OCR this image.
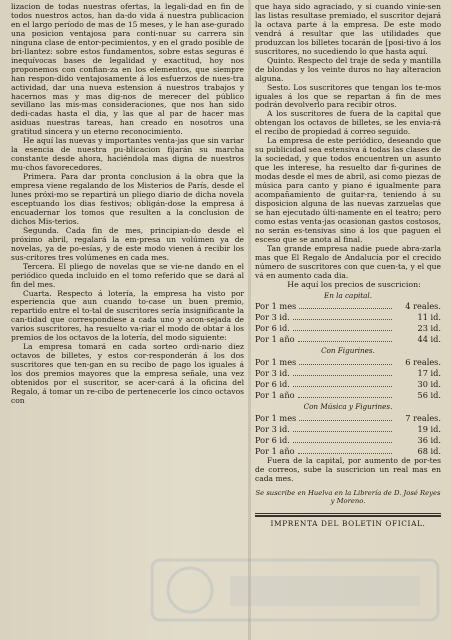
lizacion de todas nuestras ofertas, la legali-dad en fin de todos nuestros actos, han da-do vida á nuestra publicacion en el largo período de mas de 15 meses, y le han ase-gurado una posicion ventajosa para conti-nuar su carrera sin ninguna clase de entor-pecimientos, y en el grado posible de bri-llantez: sobre estos fundamentos, sobre estas seguras é inequívocas bases de legalidad y exactitud, hoy nos proponemos con confian-za en los elementos, que siempre han respon-dido ventajosamente á los esfuerzos de nues-tra actividad, dar una nueva estension á nuestros trabajos y hacernos mas y mas dig-nos de merecer del público sevillano las mis-mas consideraciones, que nos han sido dedi-cadas hasta el dia, y las que al par de hacer mas asiduas nuestras tareas, han creado en nosotros una gratitud sincera y un eterno reconocimiento.

He aquí las nuevas y importantes venta-jas que sin variar la esencia de nuestra pu-blicacion fijarán su marcha constante desde ahora, haciéndola mas digna de nuestros mu-chos favorecedores.

Primera. Para dar pronta conclusion á la obra que la empresa viene regalando de los Misterios de París, desde el lunes próxi-mo se repartirá un pliego diario de dicha novela esceptuando los dias festivos; obligán-dose la empresa á encuadernar los tomos que resulten a la conclusion de dichos Mis-terios.

Segunda. Cada fin de mes, principian-do desde el próximo abril, regalará la em-presa un volúmen ya de novelas, ya de po-esías, y de este modo vienen á recibir los sus-critores tres volúmenes en cada mes.

Tercera. El pliego de novelas que se vie-ne dando en el periódico queda incluido en el tomo referido que se dará al fin del mes.

Cuarta. Respecto á lotería, la empresa ha visto por esperiencia que aun cuando to-case un buen premio, repartido entre el to-tal de suscritores sería insignificante la can-tidad que correspondiese a cada uno y acon-sejada de varios suscritores, ha resuelto va-riar el modo de obtar á los premios de los octavos de la lotería, del modo siguiente:

La empresa tomará en cada sorteo ordi-nario diez octavos de billetes, y estos cor-responderán á los dos suscritores que ten-gan en su recibo de pago los iguales á los dos premios mayores que la empresa señale, una vez obtenidos por el suscritor, se acer-cará á la oficina del Regalo, á tomar un re-cibo de pertenecerle los cinco octavos con

que haya sido agraciado, y si cuando vinie-sen las listas resultase premiado, el suscritor dejará la octava parte á la empresa. De este modo vendrá á resultar que las utilidades que produzcan los billetes tocarán de [posi-tivo á los suscritores, no sucediendo lo que hasta aquí.

Quinto. Respecto del traje de seda y mantilla de blondas y los veinte duros no hay alteracion alguna.

Sesto. Los suscritores que tengan los te-mos iguales á los que se repartan á fin de mes podrán devolverlo para recibir otros.

A los suscritores de fuera de la capital que obtengan los octavos de billetes, se les envia-rá el recibo de propiedad á correo seguido.

La empresa de este periódico, deseando que su publicidad sea estensiva á todas las clases de la sociedad, y que todos encuentren un asunto que les interese, ha resuelto dar fi-gurines de modas desde el mes de abril, asi como piezas de música para canto y piano é igualmente para acompañamiento de guitar-ra, teniendo á su disposicion alguna de las nuevas zarzuelas que se han ejecutado últi-namente en el teatro; pero como estas venta-jas ocasionan gastos costosos, no serán es-tensivas sino á los que paguen el esceso que se anota al final.

Tan grande empresa nadie puede abra-zarla mas que El Regalo de Andalucía por el crecido número de suscritores con que cuen-ta, y el que vá en aumento cada dia.

He aquí los precios de suscricion:

En la capital.
Por 1 mes	4 reales.
Por 3 id.	11 id.
Por 6 id.	23 id.
Por 1 año	44 id.
Con Figurines.
Por 1 mes	6 reales.
Por 3 id.	17 id.
Por 6 id.	30 id.
Por 1 año	56 id.
Con Música y Figurines.
Por 1 mes	7 reales.
Por 3 id.	19 id.
Por 6 id.	36 id.
Por 1 año	68 id.

Fuera de la capital, por aumento de por-tes de correos, sube la suscricion un real mas en cada mes.

Se suscribe en Huelva en la Librería de D. José Reyes y Moreno.
IMPRENTA DEL BOLETIN OFICIAL.
